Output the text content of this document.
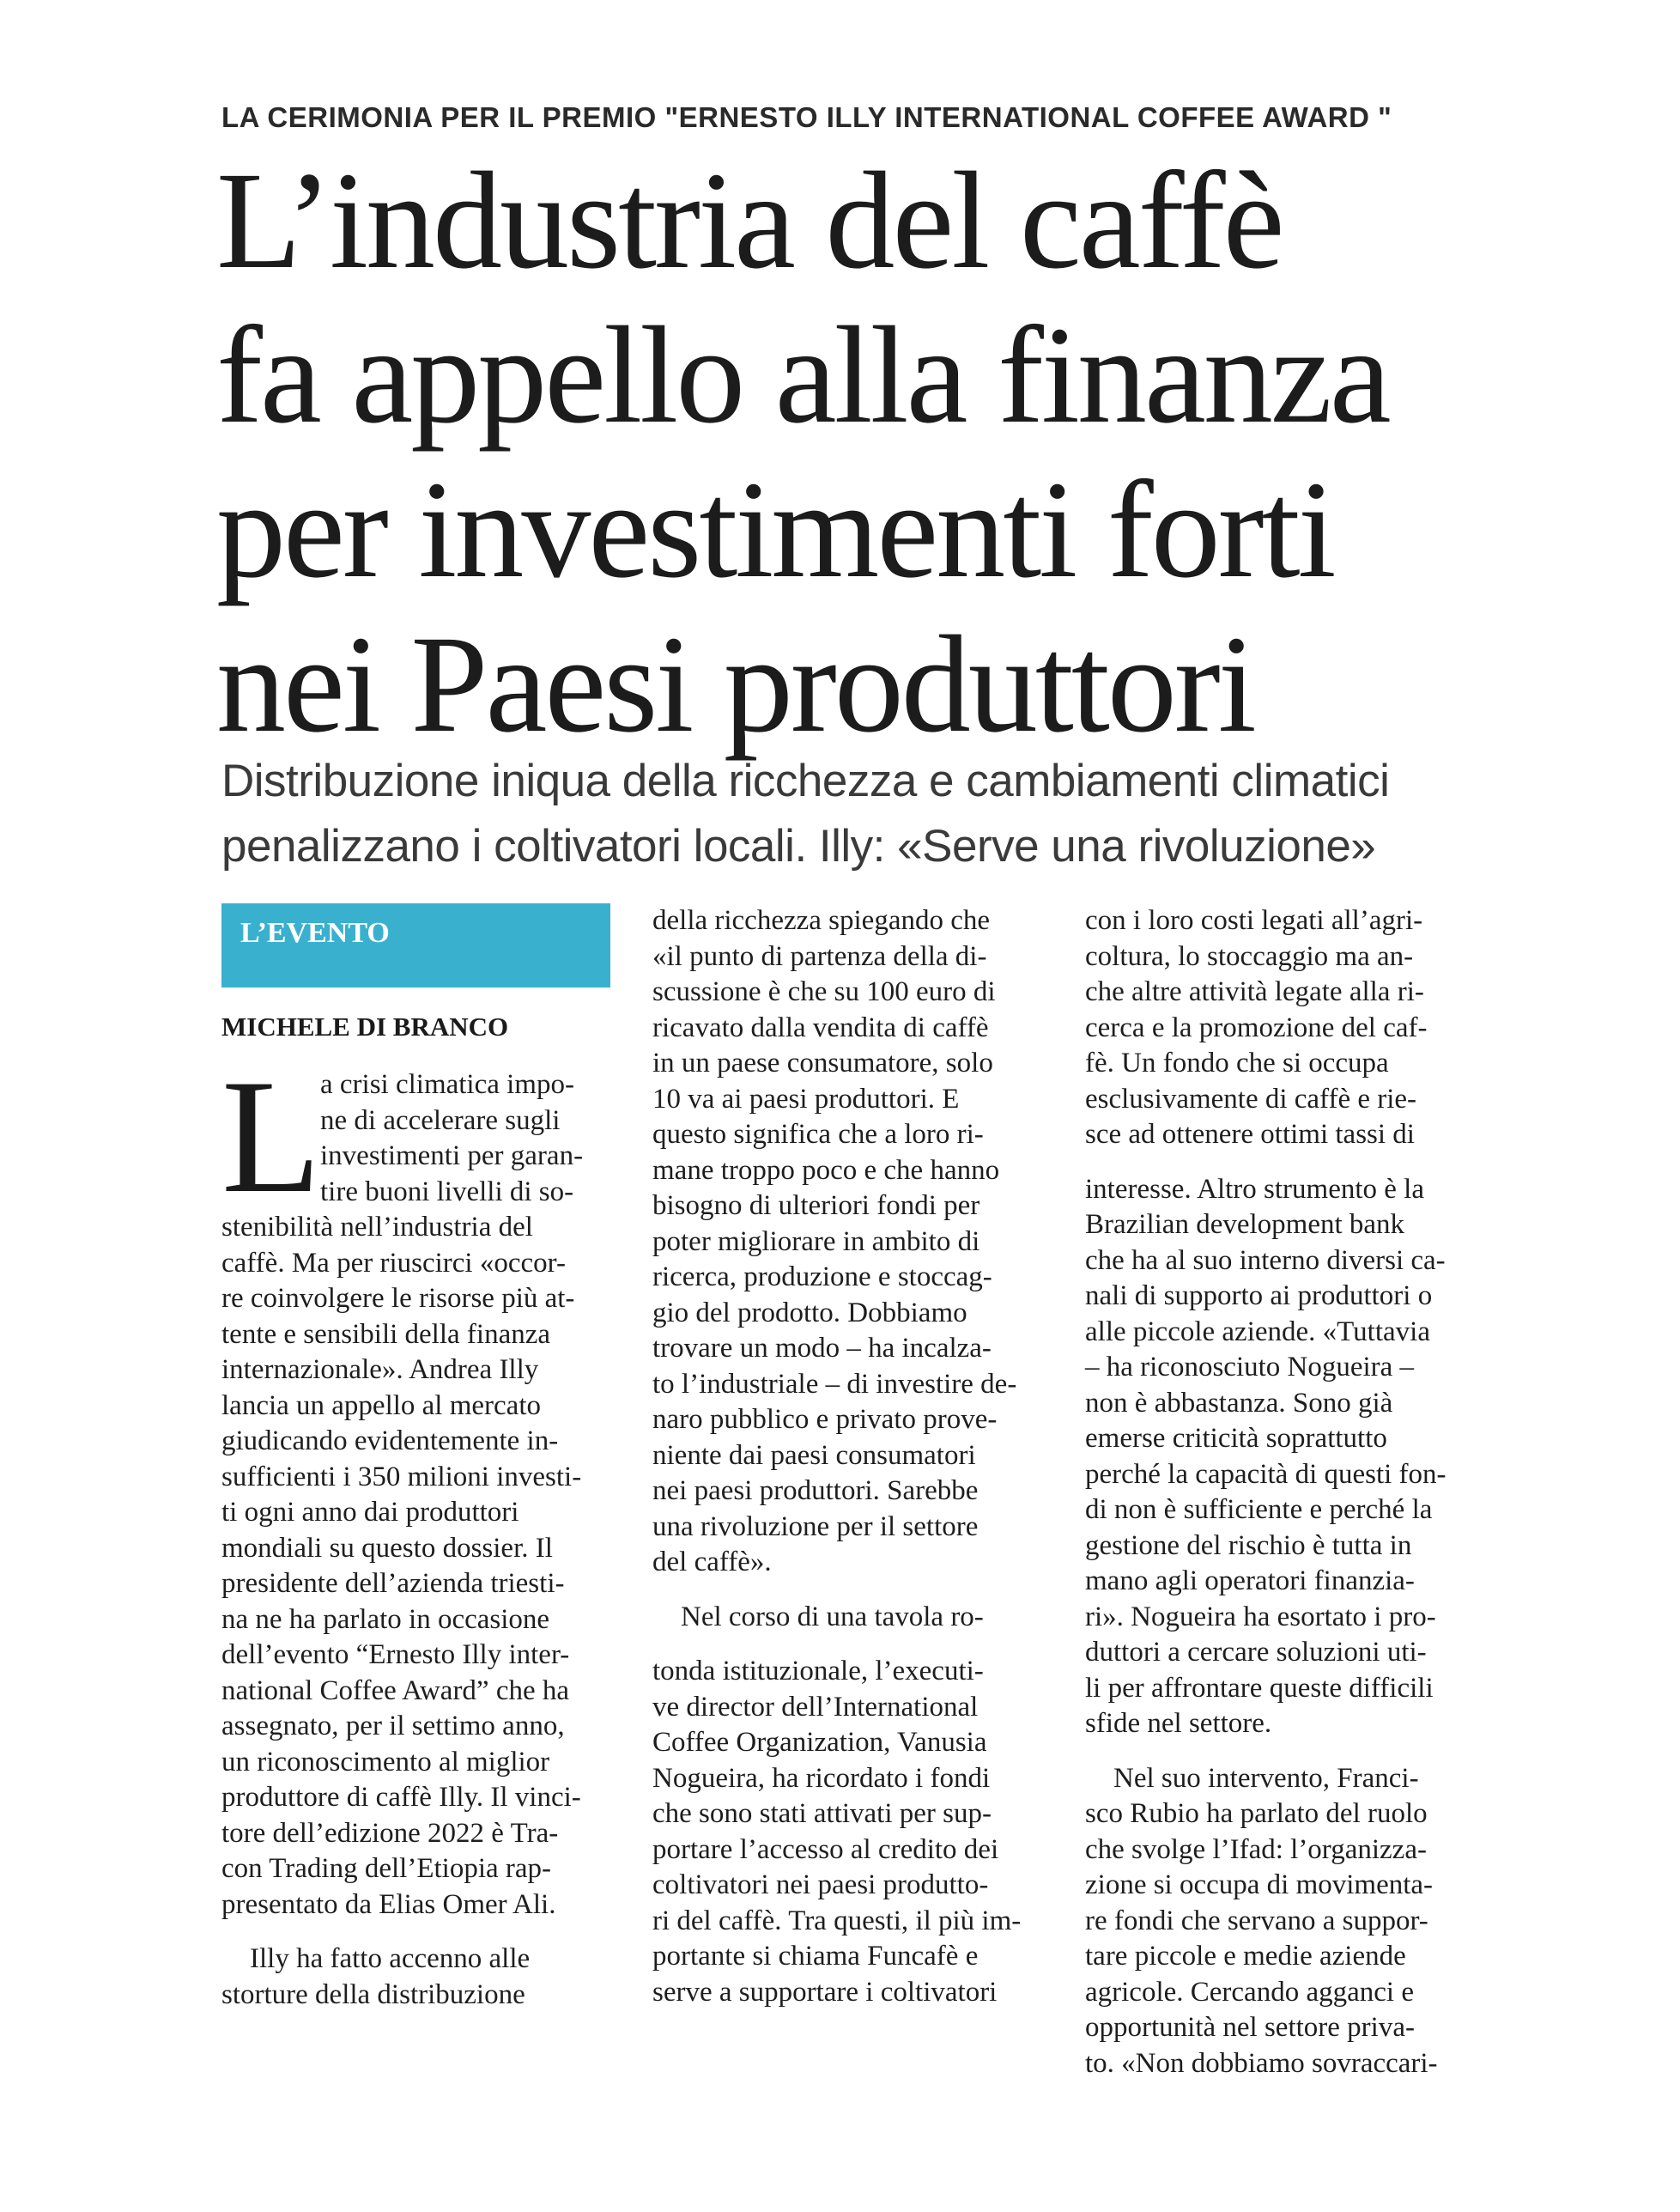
LA CERIMONIA PER IL PREMIO "ERNESTO ILLY INTERNATIONAL COFFEE AWARD "
L’industria del caffè
fa appello alla finanza
per investimenti forti
nei Paesi produttori
Distribuzione iniqua della ricchezza e cambiamenti climatici
penalizzano i coltivatori locali. Illy: «Serve una rivoluzione»
L’EVENTO
MICHELE DI BRANCO
L
a crisi climatica impo-
ne di accelerare sugli
investimenti per garan-
tire buoni livelli di so-
stenibilità nell’industria del
caffè. Ma per riuscirci «occor-
re coinvolgere le risorse più at-
tente e sensibili della finanza
internazionale». Andrea Illy
lancia un appello al mercato
giudicando evidentemente in-
sufficienti i 350 milioni investi-
ti ogni anno dai produttori
mondiali su questo dossier. Il
presidente dell’azienda triesti-
na ne ha parlato in occasione
dell’evento “Ernesto Illy inter-
national Coffee Award” che ha
assegnato, per il settimo anno,
un riconoscimento al miglior
produttore di caffè Illy. Il vinci-
tore dell’edizione 2022 è Tra-
con Trading dell’Etiopia rap-
presentato da Elias Omer Ali.
Illy ha fatto accenno alle
storture della distribuzione
della ricchezza spiegando che
«il punto di partenza della di-
scussione è che su 100 euro di
ricavato dalla vendita di caffè
in un paese consumatore, solo
10 va ai paesi produttori. E
questo significa che a loro ri-
mane troppo poco e che hanno
bisogno di ulteriori fondi per
poter migliorare in ambito di
ricerca, produzione e stoccag-
gio del prodotto. Dobbiamo
trovare un modo – ha incalza-
to l’industriale – di investire de-
naro pubblico e privato prove-
niente dai paesi consumatori
nei paesi produttori. Sarebbe
una rivoluzione per il settore
del caffè».
Nel corso di una tavola ro-
tonda istituzionale, l’executi-
ve director dell’International
Coffee Organization, Vanusia
Nogueira, ha ricordato i fondi
che sono stati attivati per sup-
portare l’accesso al credito dei
coltivatori nei paesi produtto-
ri del caffè. Tra questi, il più im-
portante si chiama Funcafè e
serve a supportare i coltivatori
con i loro costi legati all’agri-
coltura, lo stoccaggio ma an-
che altre attività legate alla ri-
cerca e la promozione del caf-
fè. Un fondo che si occupa
esclusivamente di caffè e rie-
sce ad ottenere ottimi tassi di
interesse. Altro strumento è la
Brazilian development bank
che ha al suo interno diversi ca-
nali di supporto ai produttori o
alle piccole aziende. «Tuttavia
– ha riconosciuto Nogueira –
non è abbastanza. Sono già
emerse criticità soprattutto
perché la capacità di questi fon-
di non è sufficiente e perché la
gestione del rischio è tutta in
mano agli operatori finanzia-
ri». Nogueira ha esortato i pro-
duttori a cercare soluzioni uti-
li per affrontare queste difficili
sfide nel settore.
Nel suo intervento, Franci-
sco Rubio ha parlato del ruolo
che svolge l’Ifad: l’organizza-
zione si occupa di movimenta-
re fondi che servano a suppor-
tare piccole e medie aziende
agricole. Cercando agganci e
opportunità nel settore priva-
to. «Non dobbiamo sovraccari-
